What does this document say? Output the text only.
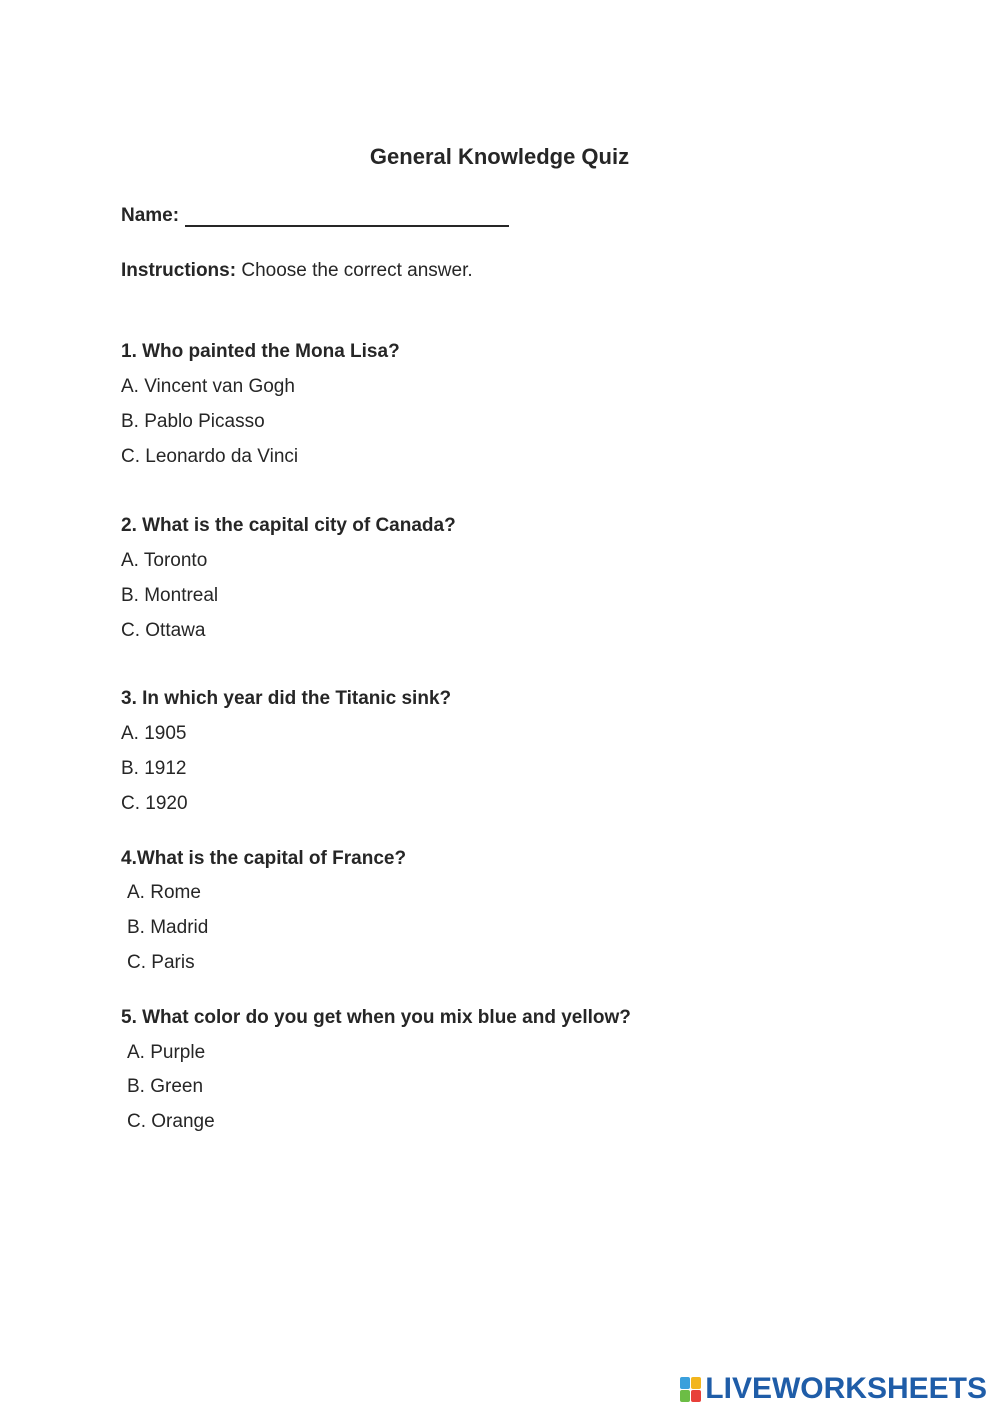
General Knowledge Quiz
Name:
Instructions: Choose the correct answer.
1. Who painted the Mona Lisa?
A. Vincent van Gogh
B. Pablo Picasso
C. Leonardo da Vinci
2. What is the capital city of Canada?
A. Toronto
B. Montreal
C. Ottawa
3. In which year did the Titanic sink?
A. 1905
B. 1912
C. 1920
4.What is the capital of France?
A. Rome
B. Madrid
C. Paris
5. What color do you get when you mix blue and yellow?
A. Purple
B. Green
C. Orange
LIVEWORKSHEETS
